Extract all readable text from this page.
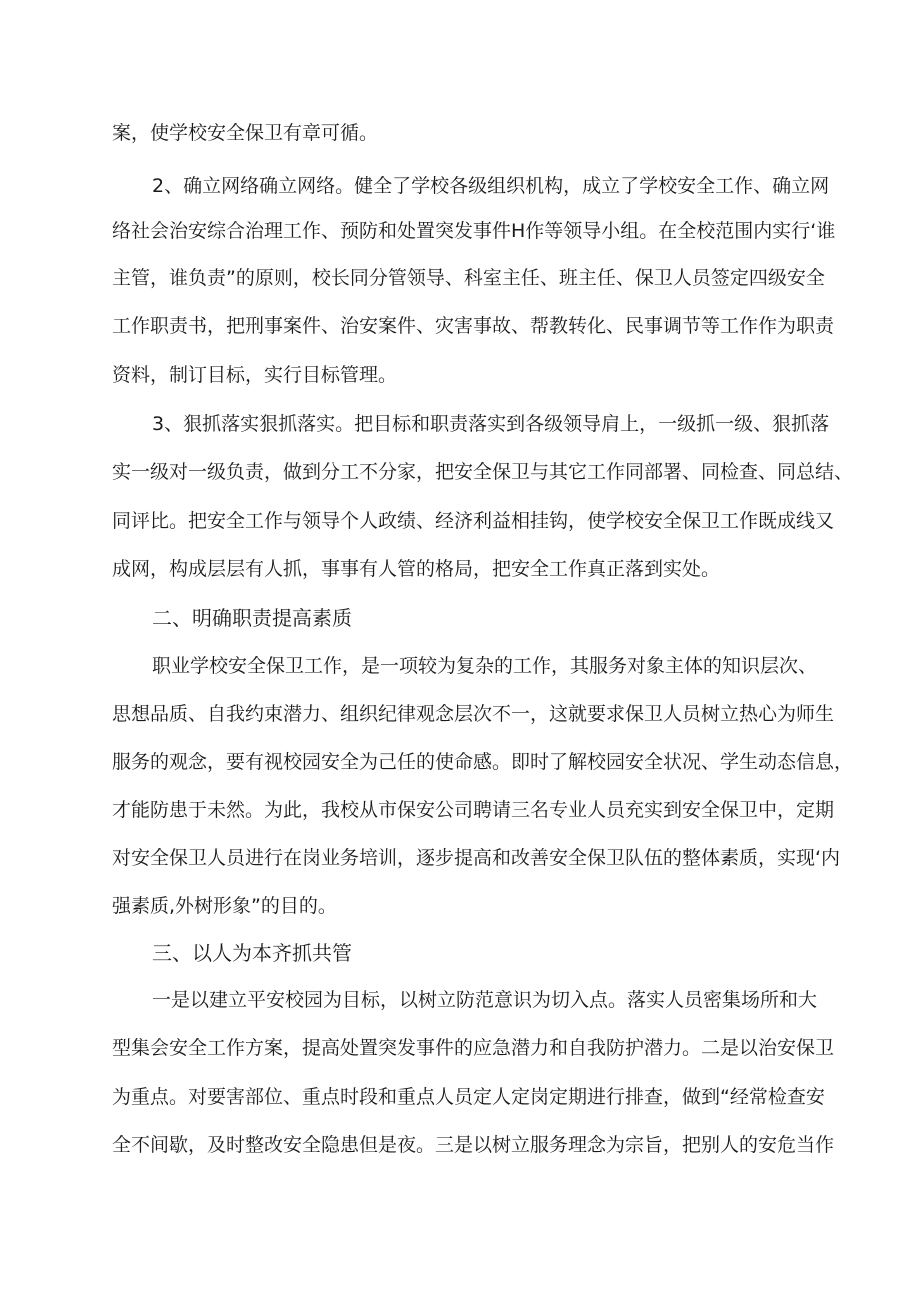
案，使学校安全保卫有章可循。
2、确立网络确立网络。健全了学校各级组织机构，成立了学校安全工作、确立网
络社会治安综合治理工作、预防和处置突发事件H作等领导小组。在全校范围内实行‘谁
主管，谁负责”的原则，校长同分管领导、科室主任、班主任、保卫人员签定四级安全
工作职责书，把刑事案件、治安案件、灾害事故、帮教转化、民事调节等工作作为职责
资料，制订目标，实行目标管理。
3、狠抓落实狠抓落实。把目标和职责落实到各级领导肩上，一级抓一级、狠抓落
实一级对一级负责，做到分工不分家，把安全保卫与其它工作同部署、同检查、同总结、
同评比。把安全工作与领导个人政绩、经济利益相挂钩，使学校安全保卫工作既成线又
成网，构成层层有人抓，事事有人管的格局，把安全工作真正落到实处。
二、明确职责提高素质
职业学校安全保卫工作，是一项较为复杂的工作，其服务对象主体的知识层次、
思想品质、自我约束潜力、组织纪律观念层次不一，这就要求保卫人员树立热心为师生
服务的观念，要有视校园安全为己任的使命感。即时了解校园安全状况、学生动态信息，
才能防患于未然。为此，我校从市保安公司聘请三名专业人员充实到安全保卫中，定期
对安全保卫人员进行在岗业务培训，逐步提高和改善安全保卫队伍的整体素质，实现‘内
强素质,外树形象”的目的。
三、以人为本齐抓共管
一是以建立平安校园为目标，以树立防范意识为切入点。落实人员密集场所和大
型集会安全工作方案，提高处置突发事件的应急潜力和自我防护潜力。二是以治安保卫
为重点。对要害部位、重点时段和重点人员定人定岗定期进行排查，做到“经常检查安
全不间歇，及时整改安全隐患但是夜。三是以树立服务理念为宗旨，把别人的安危当作
